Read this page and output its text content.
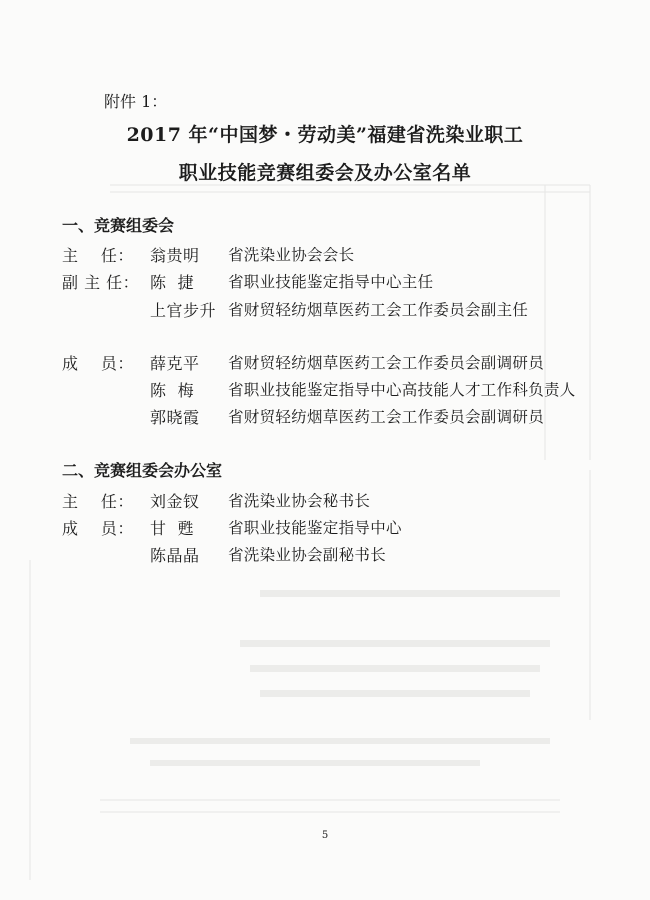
附件 1：
2017 年“中国梦・劳动美”福建省洗染业职工
职业技能竞赛组委会及办公室名单
一、竞赛组委会
主    任： 翁贵明 省洗染业协会会长
副 主 任： 陈  捷 省职业技能鉴定指导中心主任
上官步升 省财贸轻纺烟草医药工会工作委员会副主任
成    员： 薛克平 省财贸轻纺烟草医药工会工作委员会副调研员
陈  梅 省职业技能鉴定指导中心高技能人才工作科负责人
郭晓霞 省财贸轻纺烟草医药工会工作委员会副调研员
二、竞赛组委会办公室
主    任： 刘金钗 省洗染业协会秘书长
成    员： 甘  甦 省职业技能鉴定指导中心
陈晶晶 省洗染业协会副秘书长
5
